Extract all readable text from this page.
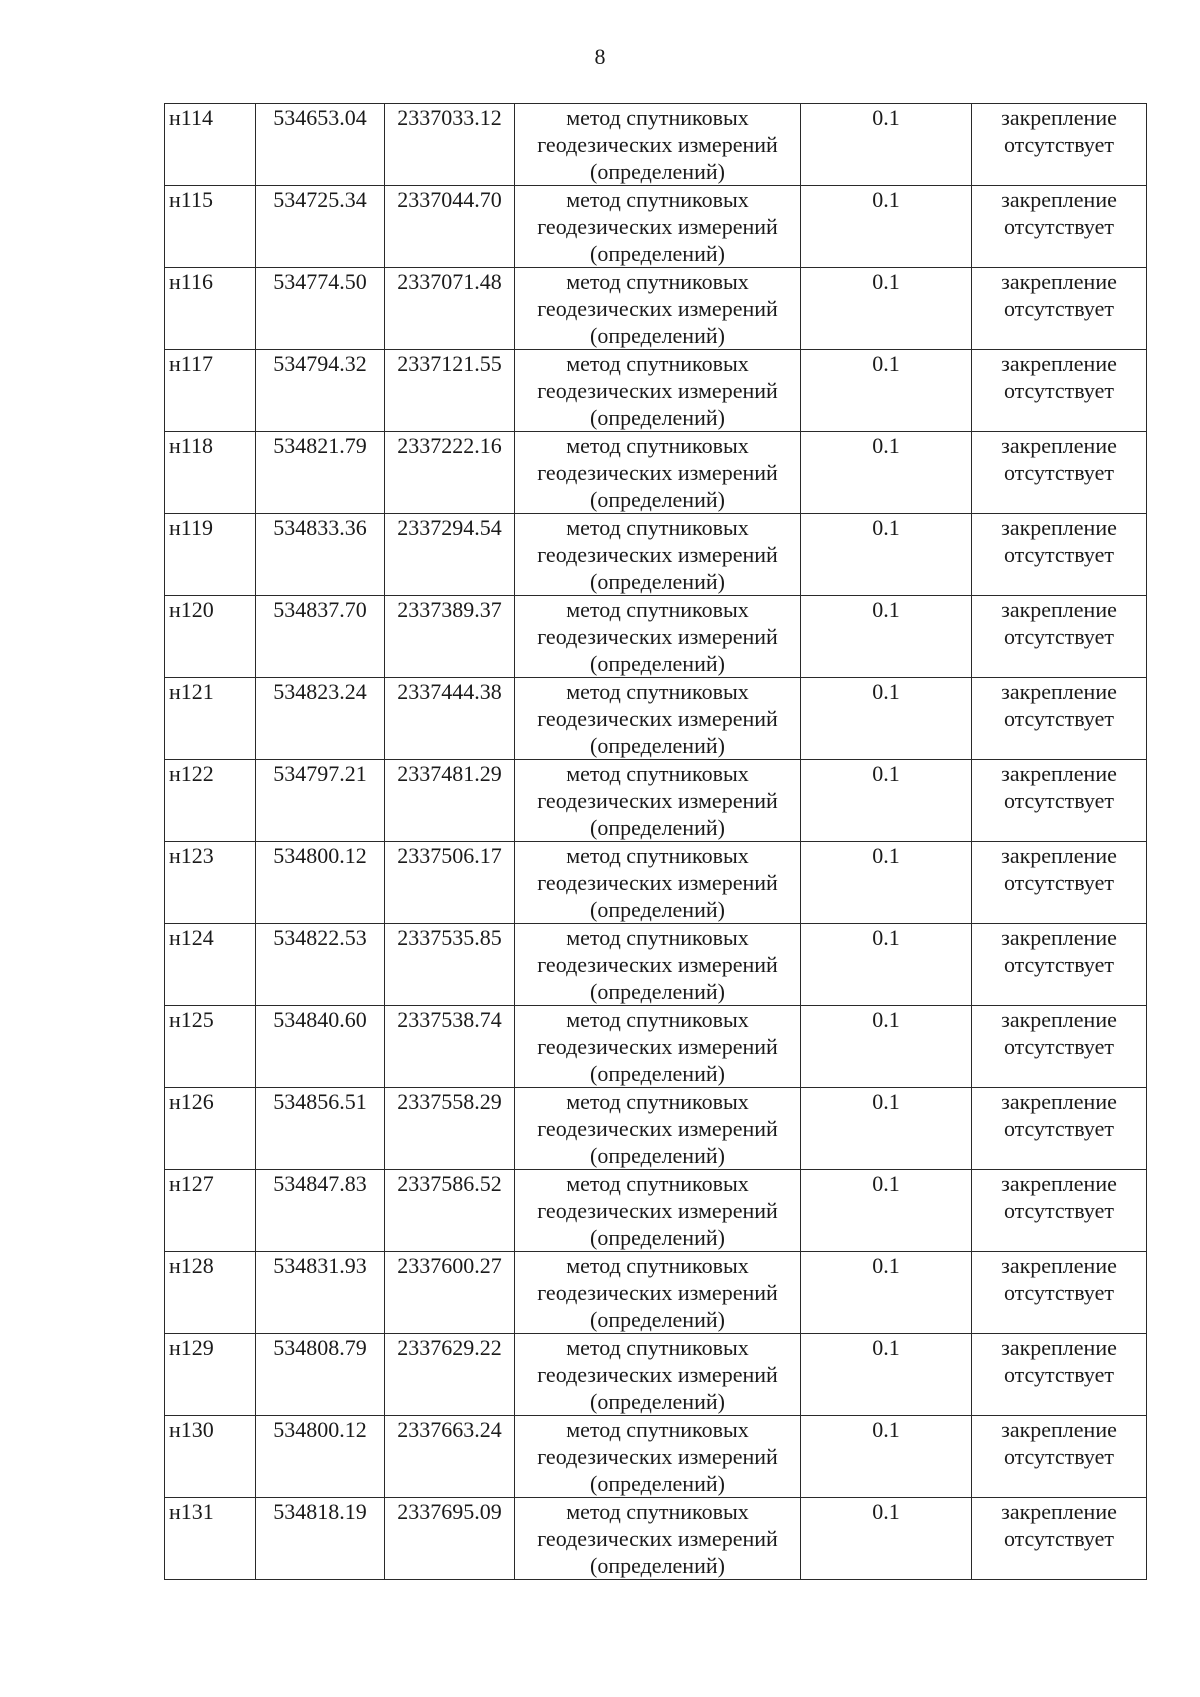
8
н114	534653.04	2337033.12	метод спутниковых
геодезических измерений
(определений)	0.1	закрепление
отсутствует

н115	534725.34	2337044.70	метод спутниковых
геодезических измерений
(определений)	0.1	закрепление
отсутствует

н116	534774.50	2337071.48	метод спутниковых
геодезических измерений
(определений)	0.1	закрепление
отсутствует

н117	534794.32	2337121.55	метод спутниковых
геодезических измерений
(определений)	0.1	закрепление
отсутствует

н118	534821.79	2337222.16	метод спутниковых
геодезических измерений
(определений)	0.1	закрепление
отсутствует

н119	534833.36	2337294.54	метод спутниковых
геодезических измерений
(определений)	0.1	закрепление
отсутствует

н120	534837.70	2337389.37	метод спутниковых
геодезических измерений
(определений)	0.1	закрепление
отсутствует

н121	534823.24	2337444.38	метод спутниковых
геодезических измерений
(определений)	0.1	закрепление
отсутствует

н122	534797.21	2337481.29	метод спутниковых
геодезических измерений
(определений)	0.1	закрепление
отсутствует

н123	534800.12	2337506.17	метод спутниковых
геодезических измерений
(определений)	0.1	закрепление
отсутствует

н124	534822.53	2337535.85	метод спутниковых
геодезических измерений
(определений)	0.1	закрепление
отсутствует

н125	534840.60	2337538.74	метод спутниковых
геодезических измерений
(определений)	0.1	закрепление
отсутствует

н126	534856.51	2337558.29	метод спутниковых
геодезических измерений
(определений)	0.1	закрепление
отсутствует

н127	534847.83	2337586.52	метод спутниковых
геодезических измерений
(определений)	0.1	закрепление
отсутствует

н128	534831.93	2337600.27	метод спутниковых
геодезических измерений
(определений)	0.1	закрепление
отсутствует

н129	534808.79	2337629.22	метод спутниковых
геодезических измерений
(определений)	0.1	закрепление
отсутствует

н130	534800.12	2337663.24	метод спутниковых
геодезических измерений
(определений)	0.1	закрепление
отсутствует

н131	534818.19	2337695.09	метод спутниковых
геодезических измерений
(определений)	0.1	закрепление
отсутствует
